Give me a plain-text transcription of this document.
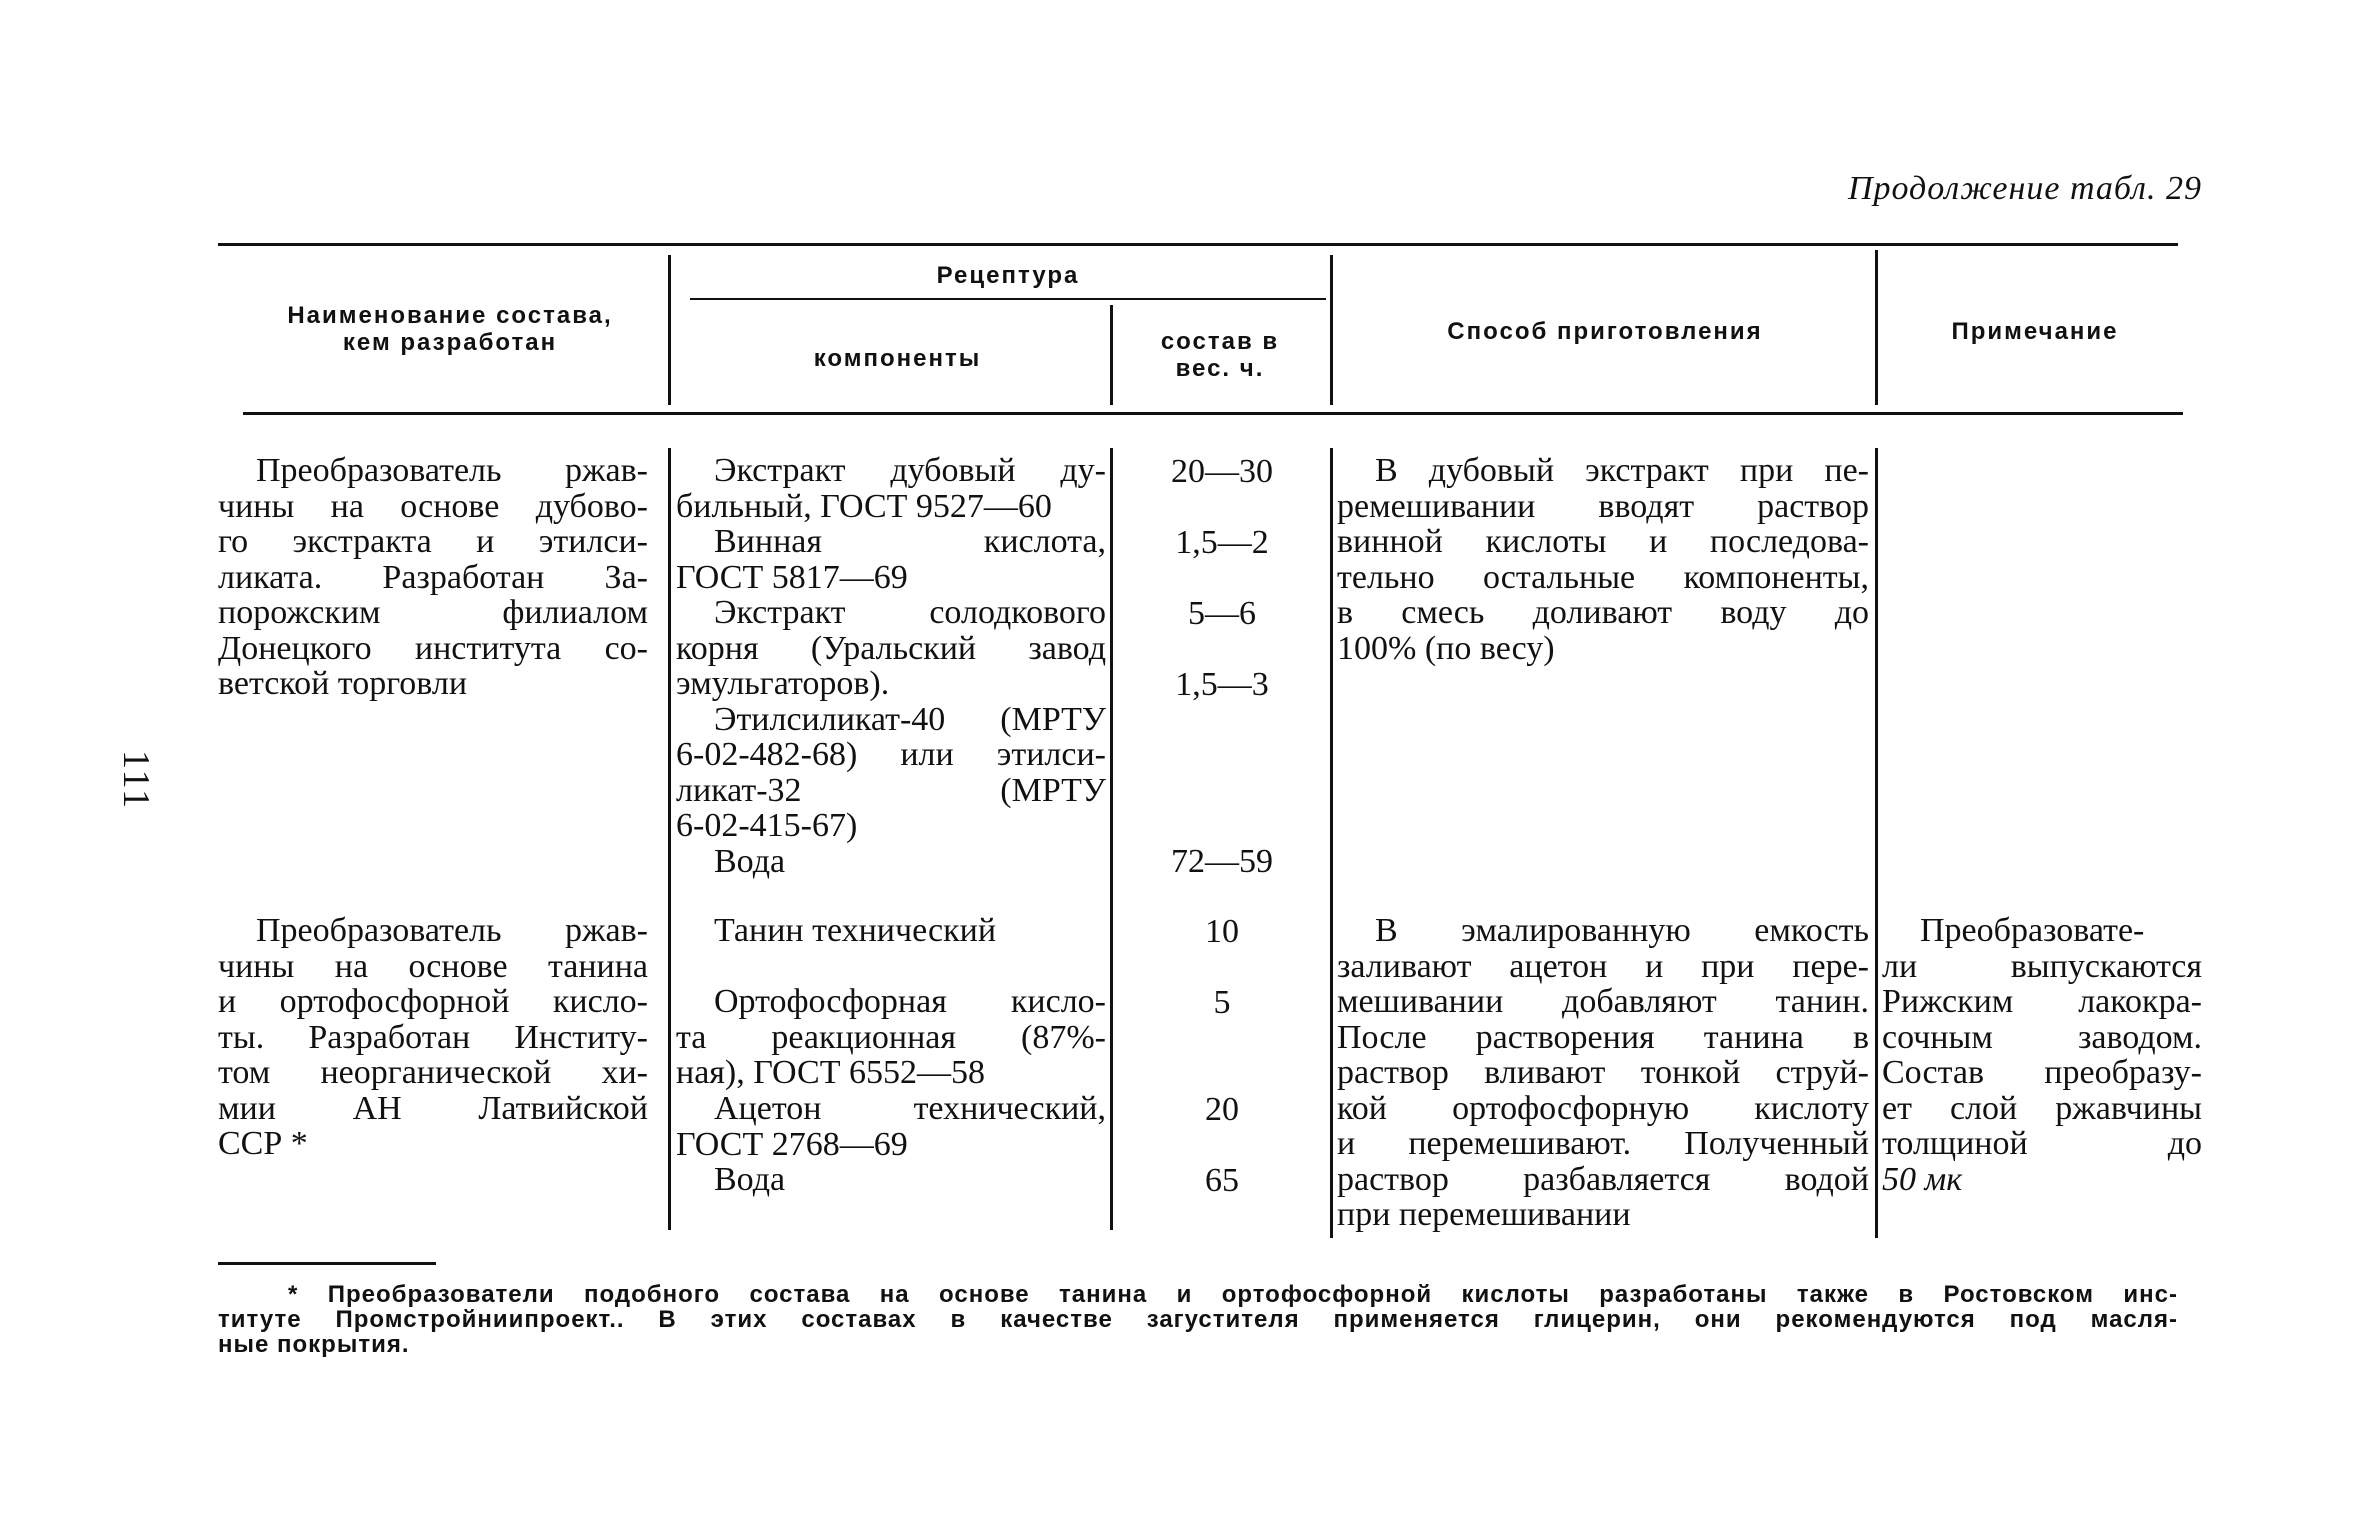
Продолжение табл. 29
111
Наименование состава,
кем разработан
Рецептура
компоненты
состав в
вес. ч.
Способ приготовления	Примечание
Преобразователь ржав-
чины на основе дубово-
го экстракта и этилси-
ликата. Разработан За-
порожским филиалом
Донецкого института со-
ветской торговли
Экстракт дубовый ду-
бильный, ГОСТ 9527—60
Винная кислота,
ГОСТ 5817—69
Экстракт солодкового
корня (Уральский завод
эмульгаторов).
Этилсиликат-40 (МРТУ
6-02-482-68) или этилси-
ликат-32 (МРТУ
6-02-415-67)
Вода
20—30
1,5—2
5—6
1,5—3
72—59
В дубовый экстракт при пе-
ремешивании вводят раствор
винной кислоты и последова-
тельно остальные компоненты,
в смесь доливают воду до
100% (по весу)
Преобразователь ржав-
чины на основе танина
и ортофосфорной кисло-
ты. Разработан Институ-
том неорганической хи-
мии АН Латвийской
ССР *
Танин технический
Ортофосфорная кисло-
та реакционная (87%-
ная), ГОСТ 6552—58
Ацетон технический,
ГОСТ 2768—69
Вода
10
5
20
65
В эмалированную емкость
заливают ацетон и при пере-
мешивании добавляют танин.
После растворения танина в
раствор вливают тонкой струй-
кой ортофосфорную кислоту
и перемешивают. Полученный
раствор разбавляется водой
при перемешивании
Преобразовате-
ли выпускаются
Рижским лакокра-
сочным заводом.
Состав преобразу-
ет слой ржавчины
толщиной до
50 мк
* Преобразователи подобного состава на основе танина и ортофосфорной кислоты разработаны также в Ростовском инс-
титуте Промстройниипроект.. В этих составах в качестве загустителя применяется глицерин, они рекомендуются под масля-
ные покрытия.
